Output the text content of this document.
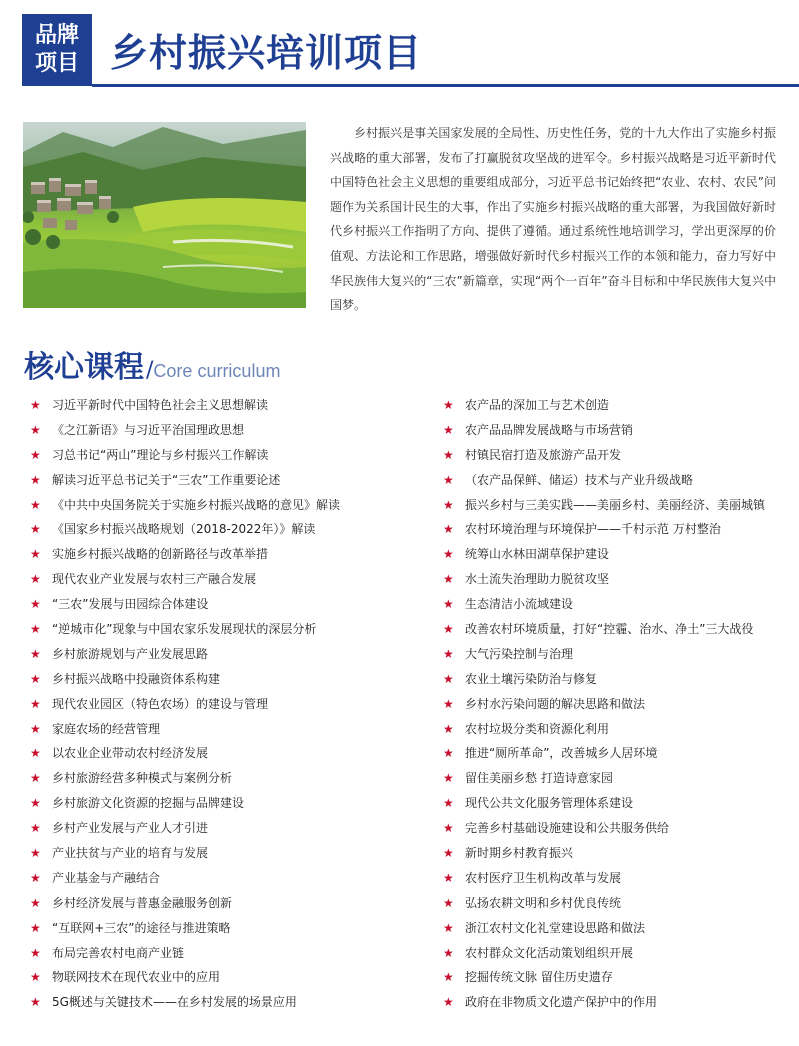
品牌
项目 乡村振兴培训项目

乡村振兴是事关国家发展的全局性、历史性任务，党的十九大作出了实施乡村振兴战略的重大部署，发布了打赢脱贫攻坚战的进军令。乡村振兴战略是习近平新时代中国特色社会主义思想的重要组成部分，习近平总书记始终把“农业、农村、农民”问题作为关系国计民生的大事，作出了实施乡村振兴战略的重大部署，为我国做好新时代乡村振兴工作指明了方向、提供了遵循。通过系统性地培训学习，学出更深厚的价值观、方法论和工作思路，增强做好新时代乡村振兴工作的本领和能力，奋力写好中华民族伟大复兴的“三农”新篇章，实现“两个一百年”奋斗目标和中华民族伟大复兴中国梦。

核心课程/Core curriculum
★ 习近平新时代中国特色社会主义思想解读
★ 《之江新语》与习近平治国理政思想
★ 习总书记“两山”理论与乡村振兴工作解读
★ 解读习近平总书记关于“三农”工作重要论述
★ 《中共中央国务院关于实施乡村振兴战略的意见》解读
★ 《国家乡村振兴战略规划（2018-2022年）》解读
★ 实施乡村振兴战略的创新路径与改革举措
★ 现代农业产业发展与农村三产融合发展
★ “三农”发展与田园综合体建设
★ “逆城市化”现象与中国农家乐发展现状的深层分析
★ 乡村旅游规划与产业发展思路
★ 乡村振兴战略中投融资体系构建
★ 现代农业园区（特色农场）的建设与管理
★ 家庭农场的经营管理
★ 以农业企业带动农村经济发展
★ 乡村旅游经营多种模式与案例分析
★ 乡村旅游文化资源的挖掘与品牌建设
★ 乡村产业发展与产业人才引进
★ 产业扶贫与产业的培育与发展
★ 产业基金与产融结合
★ 乡村经济发展与普惠金融服务创新
★ “互联网+三农”的途径与推进策略
★ 布局完善农村电商产业链
★ 物联网技术在现代农业中的应用
★ 5G概述与关键技术——在乡村发展的场景应用
★ 农产品的深加工与艺术创造
★ 农产品品牌发展战略与市场营销
★ 村镇民宿打造及旅游产品开发
★ （农产品保鲜、储运）技术与产业升级战略
★ 振兴乡村与三美实践——美丽乡村、美丽经济、美丽城镇
★ 农村环境治理与环境保护——千村示范 万村整治
★ 统筹山水林田湖草保护建设
★ 水土流失治理助力脱贫攻坚
★ 生态清洁小流域建设
★ 改善农村环境质量，打好“控霾、治水、净土”三大战役
★ 大气污染控制与治理
★ 农业土壤污染防治与修复
★ 乡村水污染问题的解决思路和做法
★ 农村垃圾分类和资源化利用
★ 推进“厕所革命”，改善城乡人居环境
★ 留住美丽乡愁 打造诗意家园
★ 现代公共文化服务管理体系建设
★ 完善乡村基础设施建设和公共服务供给
★ 新时期乡村教育振兴
★ 农村医疗卫生机构改革与发展
★ 弘扬农耕文明和乡村优良传统
★ 浙江农村文化礼堂建设思路和做法
★ 农村群众文化活动策划组织开展
★ 挖掘传统文脉 留住历史遗存
★ 政府在非物质文化遗产保护中的作用
